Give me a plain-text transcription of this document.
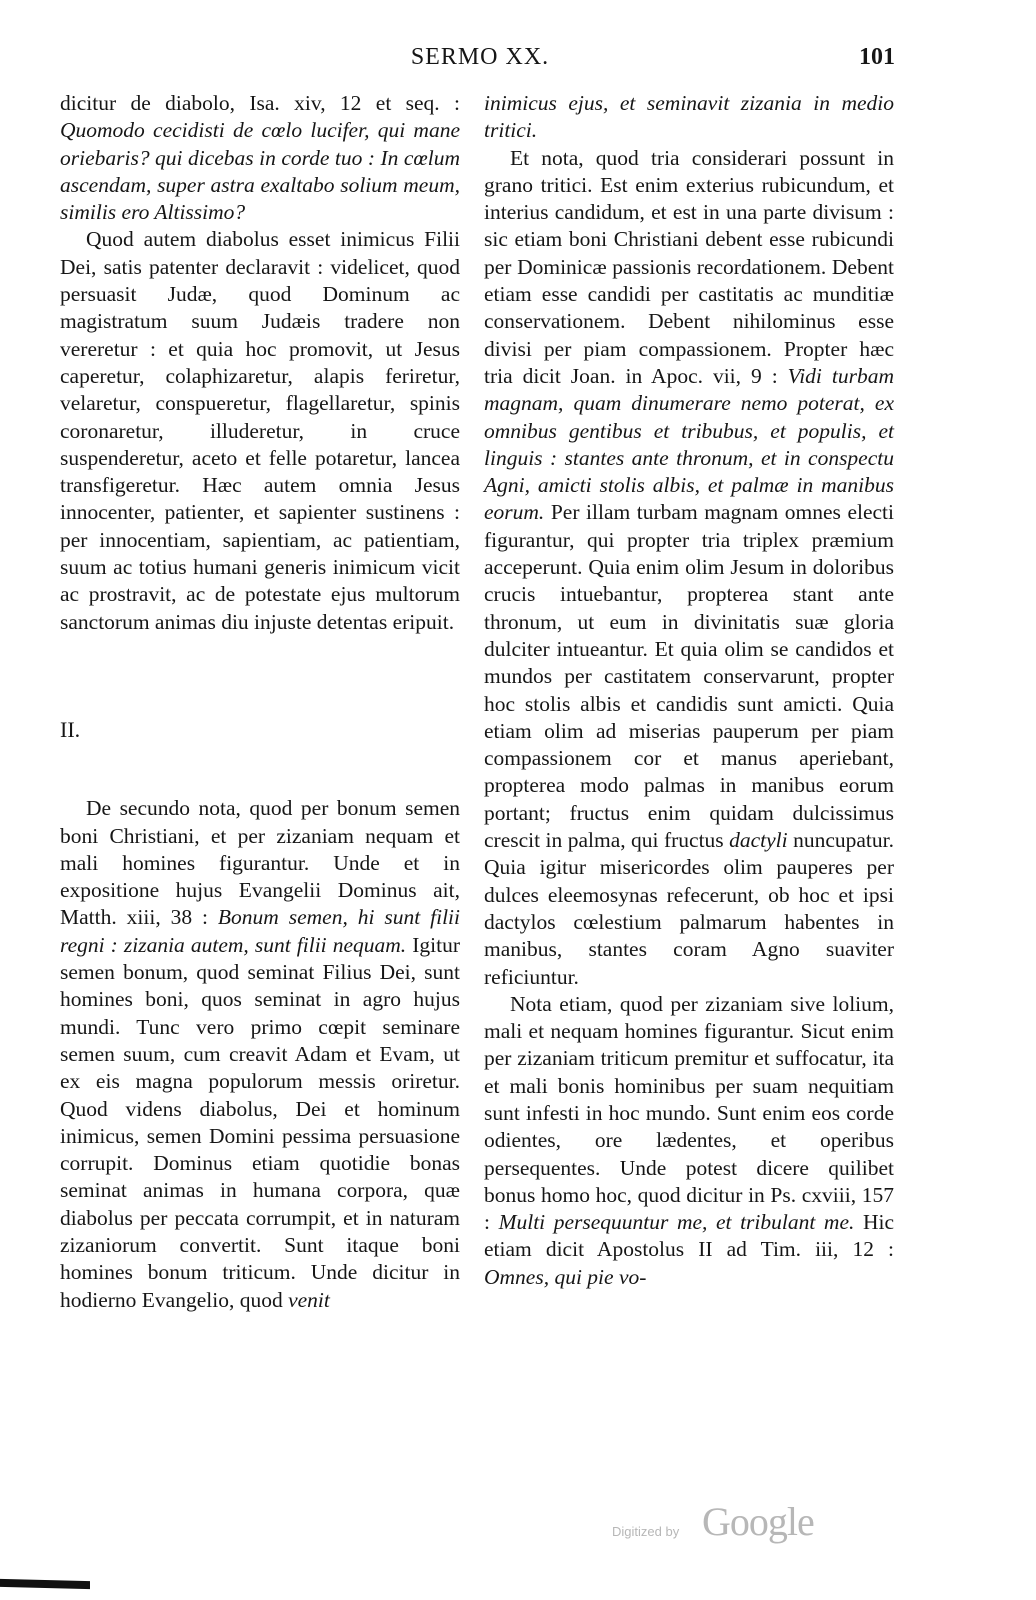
SERMO XX.	101

dicitur de diabolo, Isa. xiv, 12 et seq. : Quomodo cecidisti de cœlo lucifer, qui mane oriebaris? qui dicebas in corde tuo : In cœlum ascendam, super astra exaltabo solium meum, similis ero Altissimo?

Quod autem diabolus esset inimicus Filii Dei, satis patenter declaravit : videlicet, quod persuasit Judæ, quod Dominum ac magistratum suum Judæis tradere non vereretur : et quia hoc promovit, ut Jesus caperetur, colaphizaretur, alapis feriretur, velaretur, conspueretur, flagellaretur, spinis coronaretur, illuderetur, in cruce suspenderetur, aceto et felle potaretur, lancea transfigeretur. Hæc autem omnia Jesus innocenter, patienter, et sapienter sustinens : per innocentiam, sapientiam, ac patientiam, suum ac totius humani generis inimicum vicit ac prostravit, ac de potestate ejus multorum sanctorum animas diu injuste detentas eripuit.

II.

De secundo nota, quod per bonum semen boni Christiani, et per zizaniam nequam et mali homines figurantur. Unde et in expositione hujus Evangelii Dominus ait, Matth. xiii, 38 : Bonum semen, hi sunt filii regni : zizania autem, sunt filii nequam. Igitur semen bonum, quod seminat Filius Dei, sunt homines boni, quos seminat in agro hujus mundi. Tunc vero primo cœpit seminare semen suum, cum creavit Adam et Evam, ut ex eis magna populorum messis oriretur. Quod videns diabolus, Dei et hominum inimicus, semen Domini pessima persuasione corrupit. Dominus etiam quotidie bonas seminat animas in humana corpora, quæ diabolus per peccata corrumpit, et in naturam zizaniorum convertit. Sunt itaque boni homines bonum triticum. Unde dicitur in hodierno Evangelio, quod venit

inimicus ejus, et seminavit zizania in medio tritici.

Et nota, quod tria considerari possunt in grano tritici. Est enim exterius rubicundum, et interius candidum, et est in una parte divisum : sic etiam boni Christiani debent esse rubicundi per Dominicæ passionis recordationem. Debent etiam esse candidi per castitatis ac munditiæ conservationem. Debent nihilominus esse divisi per piam compassionem. Propter hæc tria dicit Joan. in Apoc. vii, 9 : Vidi turbam magnam, quam dinumerare nemo poterat, ex omnibus gentibus et tribubus, et populis, et linguis : stantes ante thronum, et in conspectu Agni, amicti stolis albis, et palmæ in manibus eorum. Per illam turbam magnam omnes electi figurantur, qui propter tria triplex præmium acceperunt. Quia enim olim Jesum in doloribus crucis intuebantur, propterea stant ante thronum, ut eum in divinitatis suæ gloria dulciter intueantur. Et quia olim se candidos et mundos per castitatem conservarunt, propter hoc stolis albis et candidis sunt amicti. Quia etiam olim ad miserias pauperum per piam compassionem cor et manus aperiebant, propterea modo palmas in manibus eorum portant; fructus enim quidam dulcissimus crescit in palma, qui fructus dactyli nuncupatur. Quia igitur misericordes olim pauperes per dulces eleemosynas refecerunt, ob hoc et ipsi dactylos cœlestium palmarum habentes in manibus, stantes coram Agno suaviter reficiuntur.

Nota etiam, quod per zizaniam sive lolium, mali et nequam homines figurantur. Sicut enim per zizaniam triticum premitur et suffocatur, ita et mali bonis hominibus per suam nequitiam sunt infesti in hoc mundo. Sunt enim eos corde odientes, ore lædentes, et operibus persequentes. Unde potest dicere quilibet bonus homo hoc, quod dicitur in Ps. cxviii, 157 : Multi persequuntur me, et tribulant me. Hic etiam dicit Apostolus II ad Tim. iii, 12 : Omnes, qui pie vo-

Digitized by Google
